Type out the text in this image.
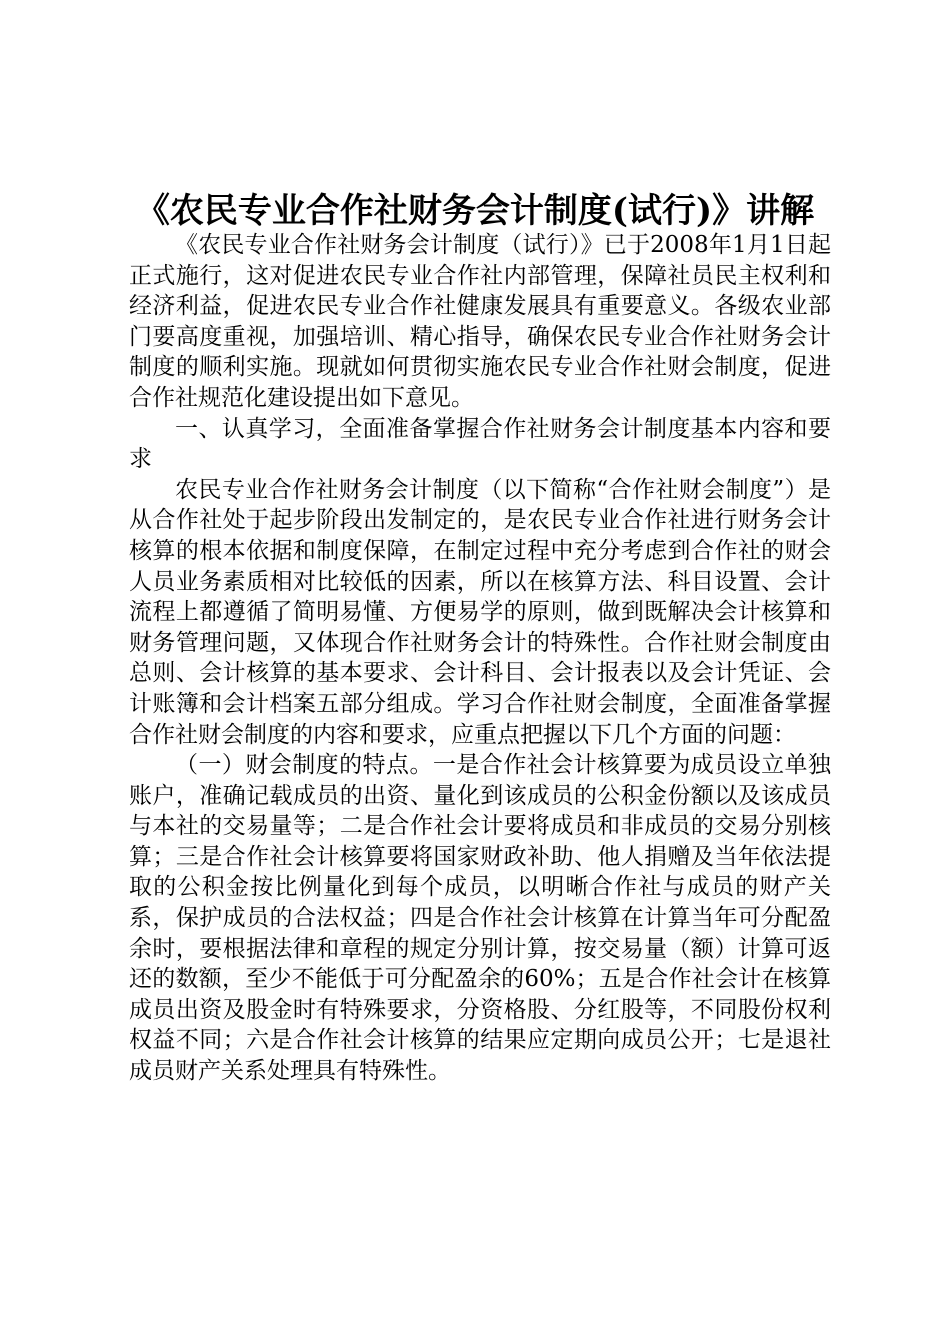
《农民专业合作社财务会计制度(试行)》讲解

《农民专业合作社财务会计制度（试行）》已于2008年1月1日起正式施行，这对促进农民专业合作社内部管理，保障社员民主权利和经济利益，促进农民专业合作社健康发展具有重要意义。各级农业部门要高度重视，加强培训、精心指导，确保农民专业合作社财务会计制度的顺利实施。现就如何贯彻实施农民专业合作社财会制度，促进合作社规范化建设提出如下意见。

一、认真学习，全面准备掌握合作社财务会计制度基本内容和要求

农民专业合作社财务会计制度（以下简称“合作社财会制度”）是从合作社处于起步阶段出发制定的，是农民专业合作社进行财务会计核算的根本依据和制度保障，在制定过程中充分考虑到合作社的财会人员业务素质相对比较低的因素，所以在核算方法、科目设置、会计流程上都遵循了简明易懂、方便易学的原则，做到既解决会计核算和财务管理问题，又体现合作社财务会计的特殊性。合作社财会制度由总则、会计核算的基本要求、会计科目、会计报表以及会计凭证、会计账簿和会计档案五部分组成。学习合作社财会制度，全面准备掌握合作社财会制度的内容和要求，应重点把握以下几个方面的问题：

（一）财会制度的特点。一是合作社会计核算要为成员设立单独账户，准确记载成员的出资、量化到该成员的公积金份额以及该成员与本社的交易量等；二是合作社会计要将成员和非成员的交易分别核算；三是合作社会计核算要将国家财政补助、他人捐赠及当年依法提取的公积金按比例量化到每个成员，以明晰合作社与成员的财产关系，保护成员的合法权益；四是合作社会计核算在计算当年可分配盈余时，要根据法律和章程的规定分别计算，按交易量（额）计算可返还的数额，至少不能低于可分配盈余的60%；五是合作社会计在核算成员出资及股金时有特殊要求，分资格股、分红股等，不同股份权利权益不同；六是合作社会计核算的结果应定期向成员公开；七是退社成员财产关系处理具有特殊性。
